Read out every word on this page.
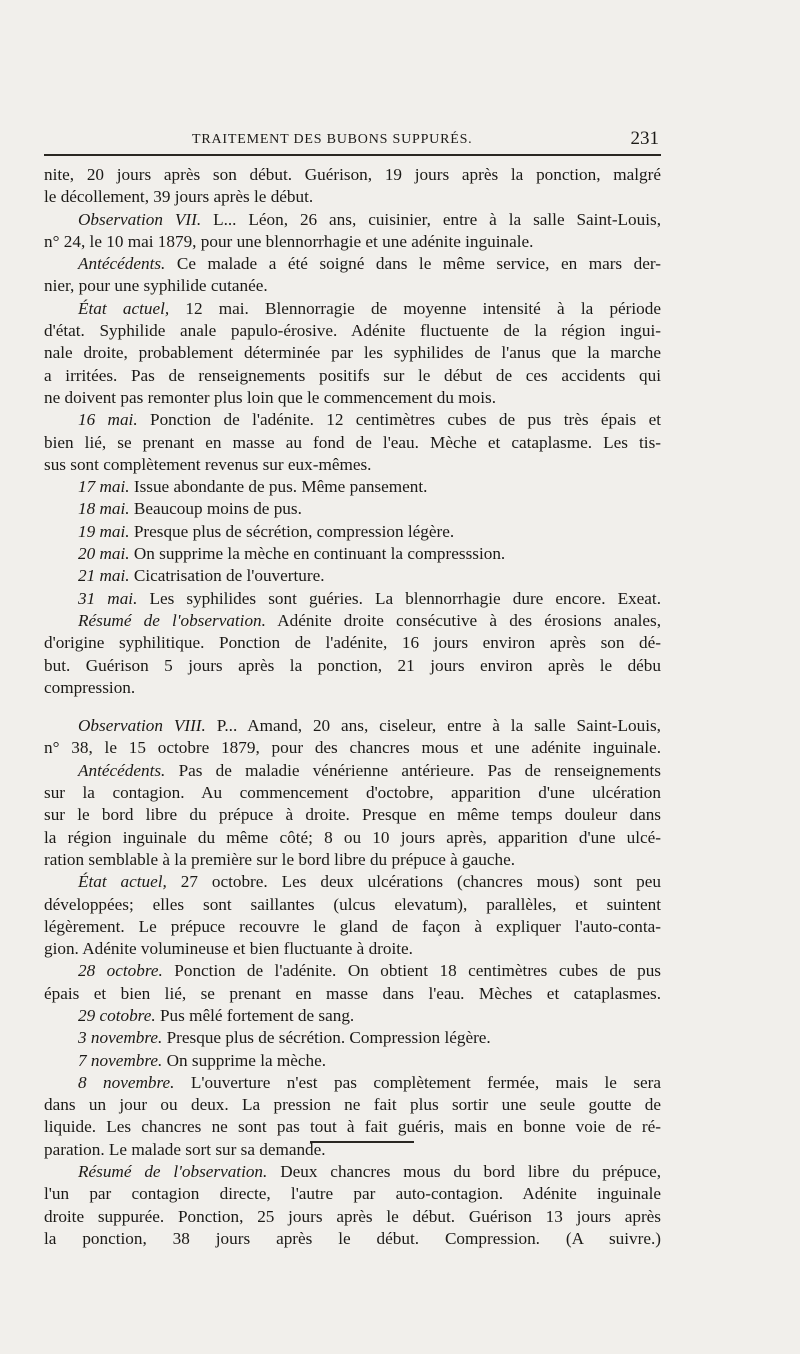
TRAITEMENT DES BUBONS SUPPURÉS.	231
nite, 20 jours après son début. Guérison, 19 jours après la ponction, malgré
le décollement, 39 jours après le début.
Observation VII. L... Léon, 26 ans, cuisinier, entre à la salle Saint-Louis,
n° 24, le 10 mai 1879, pour une blennorrhagie et une adénite inguinale.
Antécédents. Ce malade a été soigné dans le même service, en mars der-
nier, pour une syphilide cutanée.
État actuel, 12 mai. Blennorragie de moyenne intensité à la période
d'état. Syphilide anale papulo-érosive. Adénite fluctuente de la région ingui-
nale droite, probablement déterminée par les syphilides de l'anus que la marche
a irritées. Pas de renseignements positifs sur le début de ces accidents qui
ne doivent pas remonter plus loin que le commencement du mois.
16 mai. Ponction de l'adénite. 12 centimètres cubes de pus très épais et
bien lié, se prenant en masse au fond de l'eau. Mèche et cataplasme. Les tis-
sus sont complètement revenus sur eux-mêmes.
17 mai. Issue abondante de pus. Même pansement.
18 mai. Beaucoup moins de pus.
19 mai. Presque plus de sécrétion, compression légère.
20 mai. On supprime la mèche en continuant la compresssion.
21 mai. Cicatrisation de l'ouverture.
31 mai. Les syphilides sont guéries. La blennorrhagie dure encore. Exeat.
Résumé de l'observation. Adénite droite consécutive à des érosions anales,
d'origine syphilitique. Ponction de l'adénite, 16 jours environ après son dé-
but. Guérison 5 jours après la ponction, 21 jours environ après le débu
compression.
Observation VIII. P... Amand, 20 ans, ciseleur, entre à la salle Saint-Louis,
n° 38, le 15 octobre 1879, pour des chancres mous et une adénite inguinale.
Antécédents. Pas de maladie vénérienne antérieure. Pas de renseignements
sur la contagion. Au commencement d'octobre, apparition d'une ulcération
sur le bord libre du prépuce à droite. Presque en même temps douleur dans
la région inguinale du même côté; 8 ou 10 jours après, apparition d'une ulcé-
ration semblable à la première sur le bord libre du prépuce à gauche.
État actuel, 27 octobre. Les deux ulcérations (chancres mous) sont peu
développées; elles sont saillantes (ulcus elevatum), parallèles, et suintent
légèrement. Le prépuce recouvre le gland de façon à expliquer l'auto-conta-
gion. Adénite volumineuse et bien fluctuante à droite.
28 octobre. Ponction de l'adénite. On obtient 18 centimètres cubes de pus
épais et bien lié, se prenant en masse dans l'eau. Mèches et cataplasmes.
29 cotobre. Pus mêlé fortement de sang.
3 novembre. Presque plus de sécrétion. Compression légère.
7 novembre. On supprime la mèche.
8 novembre. L'ouverture n'est pas complètement fermée, mais le sera
dans un jour ou deux. La pression ne fait plus sortir une seule goutte de
liquide. Les chancres ne sont pas tout à fait guéris, mais en bonne voie de ré-
paration. Le malade sort sur sa demande.
Résumé de l'observation. Deux chancres mous du bord libre du prépuce,
l'un par contagion directe, l'autre par auto-contagion. Adénite inguinale
droite suppurée. Ponction, 25 jours après le début. Guérison 13 jours après
la ponction, 38 jours après le début. Compression. (A suivre.)
